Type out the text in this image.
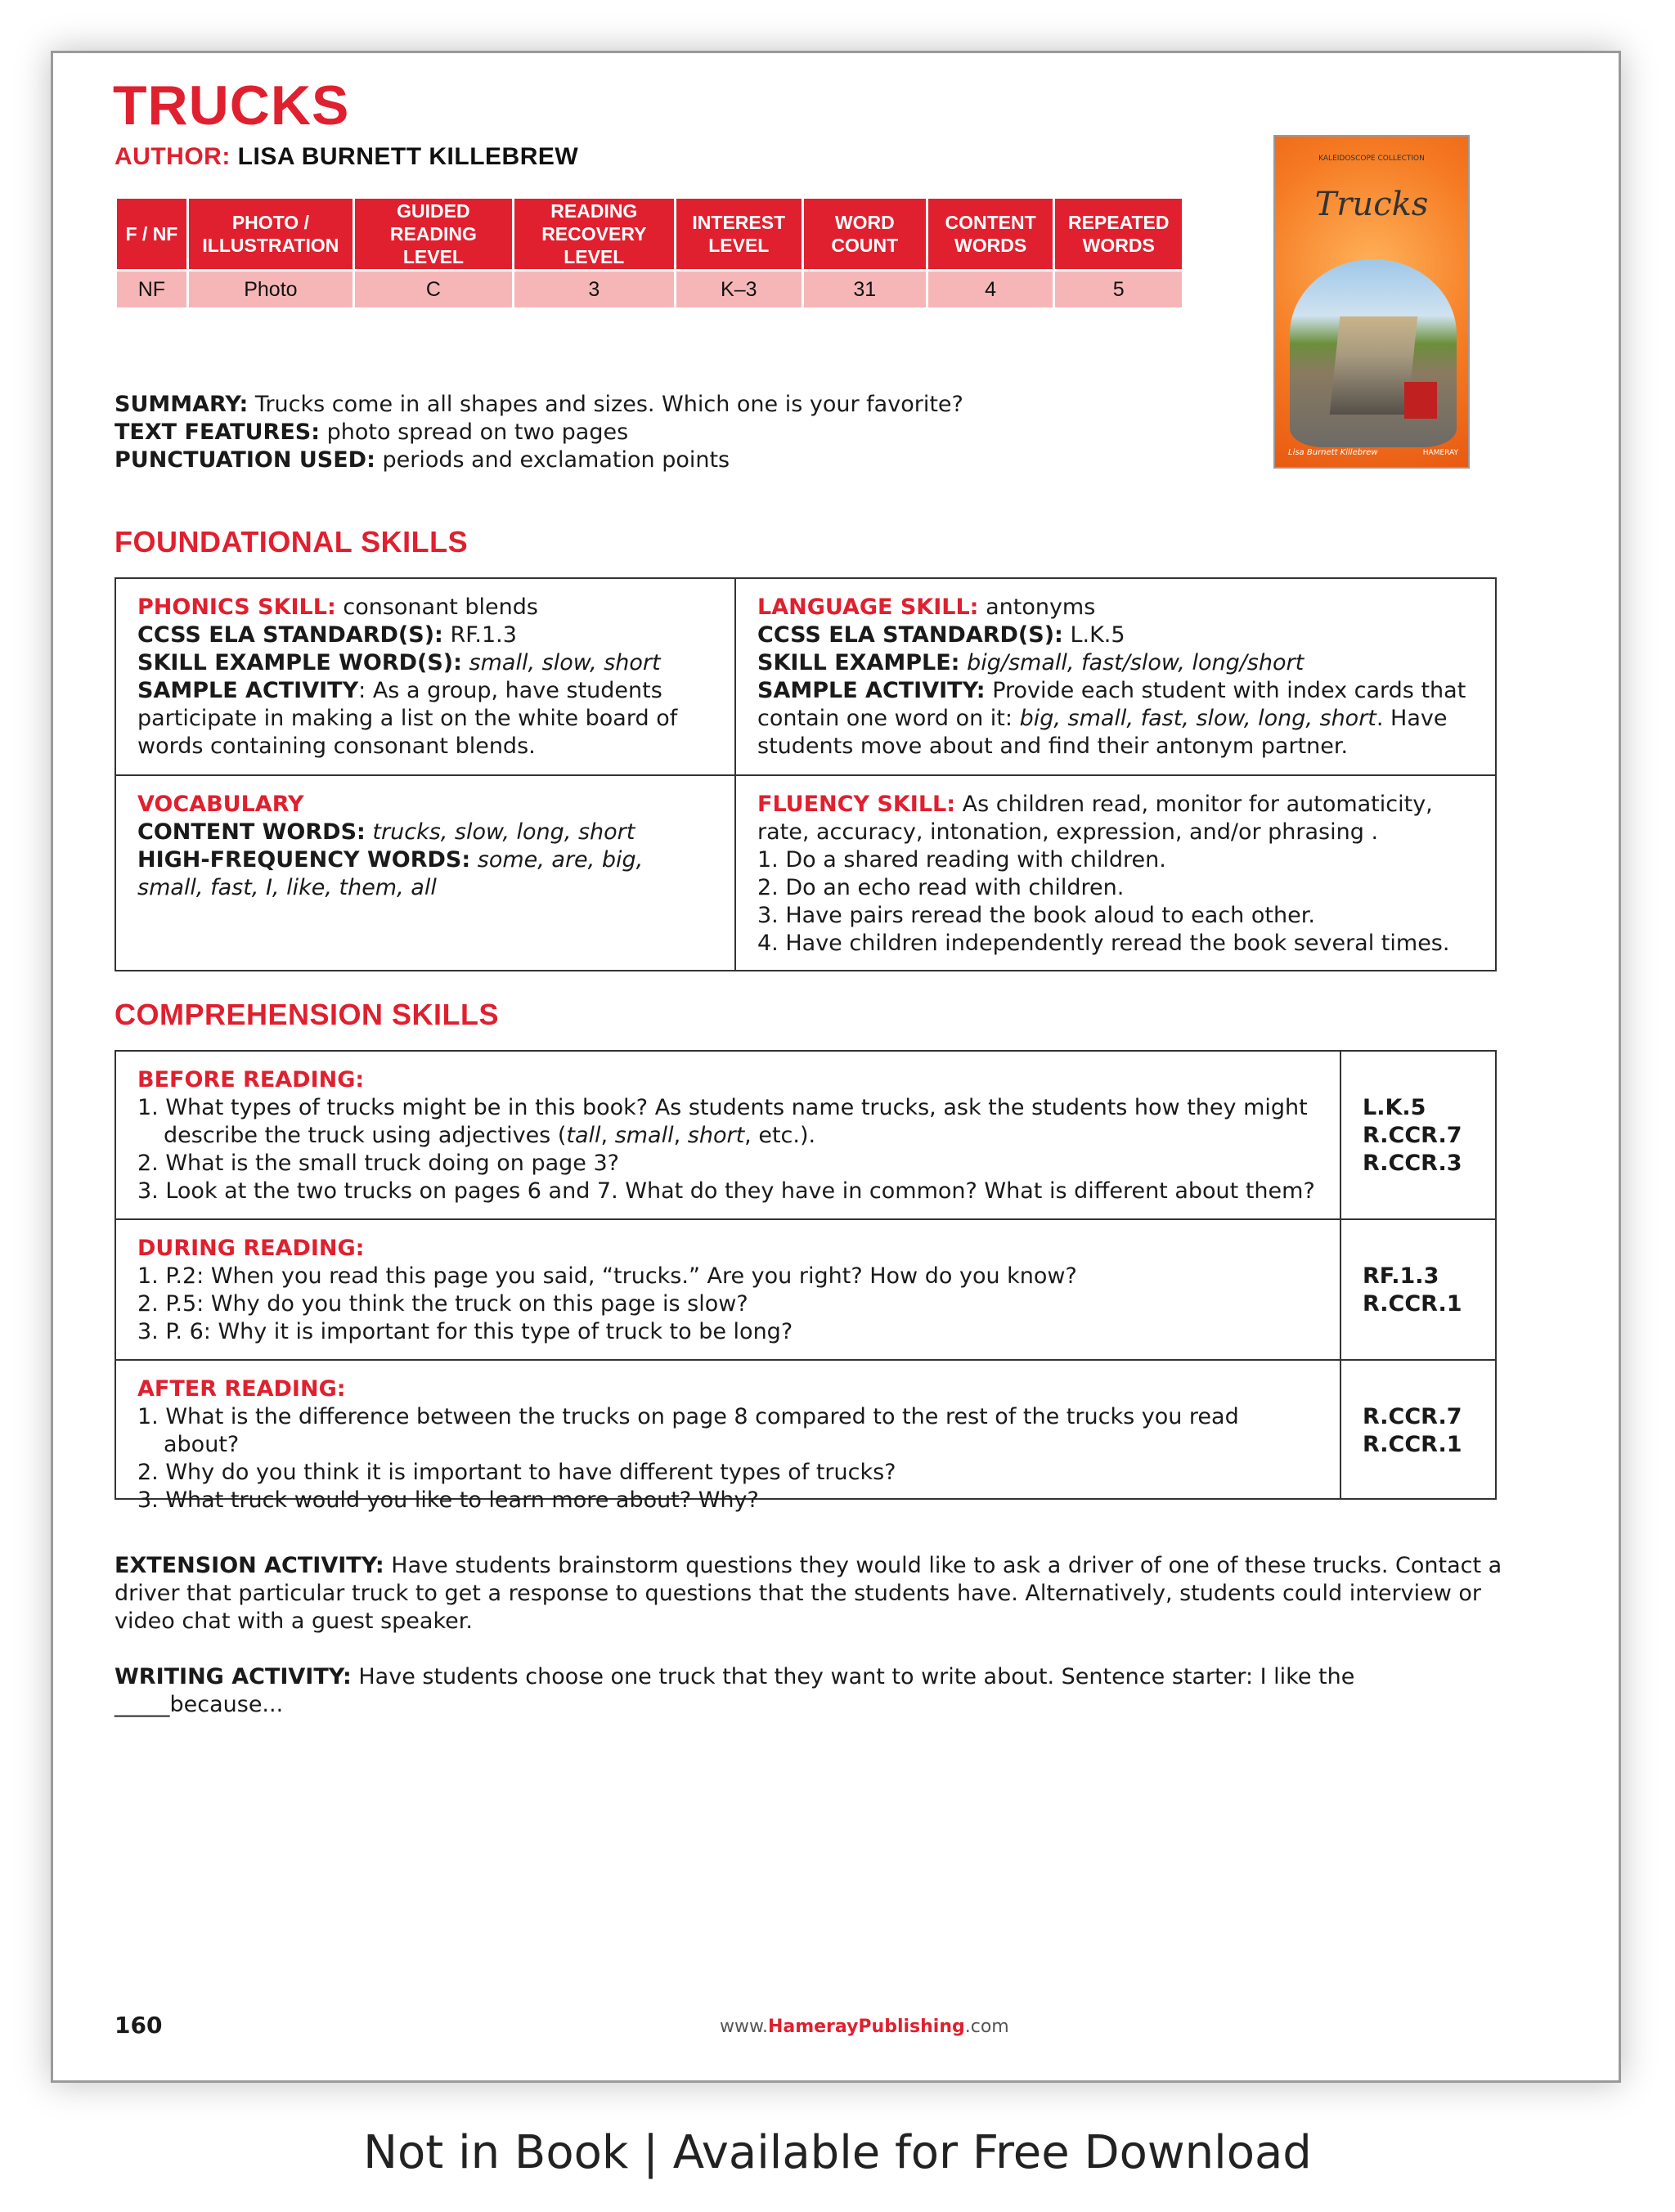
TRUCKS
AUTHOR: LISA BURNETT KILLEBREW
F / NF	PHOTO / ILLUSTRATION	GUIDED READING LEVEL	READING RECOVERY LEVEL	INTEREST LEVEL	WORD COUNT	CONTENT WORDS	REPEATED WORDS
NF	Photo	C	3	K–3	31	4	5
KALEIDOSCOPE COLLECTION
Trucks
Lisa Burnett Killebrew	HAMERAY
SUMMARY: Trucks come in all shapes and sizes. Which one is your favorite?
TEXT FEATURES: photo spread on two pages
PUNCTUATION USED: periods and exclamation points
FOUNDATIONAL SKILLS
PHONICS SKILL: consonant blends
CCSS ELA STANDARD(S): RF.1.3
SKILL EXAMPLE WORD(S): small, slow, short
SAMPLE ACTIVITY: As a group, have students participate in making a list on the white board of words containing consonant blends.
LANGUAGE SKILL: antonyms
CCSS ELA STANDARD(S): L.K.5
SKILL EXAMPLE: big/small, fast/slow, long/short
SAMPLE ACTIVITY: Provide each student with index cards that contain one word on it: big, small, fast, slow, long, short. Have students move about and find their antonym partner.
VOCABULARY
CONTENT WORDS: trucks, slow, long, short
HIGH-FREQUENCY WORDS: some, are, big, small, fast, I, like, them, all
FLUENCY SKILL: As children read, monitor for automaticity, rate, accuracy, intonation, expression, and/or phrasing .
1. Do a shared reading with children.
2. Do an echo read with children.
3. Have pairs reread the book aloud to each other.
4. Have children independently reread the book several times.
COMPREHENSION SKILLS
BEFORE READING:
1. What types of trucks might be in this book? As students name trucks, ask the students how they might describe the truck using adjectives (tall, small, short, etc.).
2. What is the small truck doing on page 3?
3. Look at the two trucks on pages 6 and 7. What do they have in common? What is different about them?
L.K.5
R.CCR.7
R.CCR.3
DURING READING:
1. P.2: When you read this page you said, “trucks.” Are you right? How do you know?
2. P.5: Why do you think the truck on this page is slow?
3. P. 6: Why it is important for this type of truck to be long?
RF.1.3
R.CCR.1
AFTER READING:
1. What is the difference between the trucks on page 8 compared to the rest of the trucks you read about?
2. Why do you think it is important to have different types of trucks?
3. What truck would you like to learn more about? Why?
R.CCR.7
R.CCR.1
EXTENSION ACTIVITY: Have students brainstorm questions they would like to ask a driver of one of these trucks. Contact a driver that particular truck to get a response to questions that the students have. Alternatively, students could interview or video chat with a guest speaker.
WRITING ACTIVITY: Have students choose one truck that they want to write about. Sentence starter: I like the _____because...
160	www.HamerayPublishing.com
Not in Book | Available for Free Download
